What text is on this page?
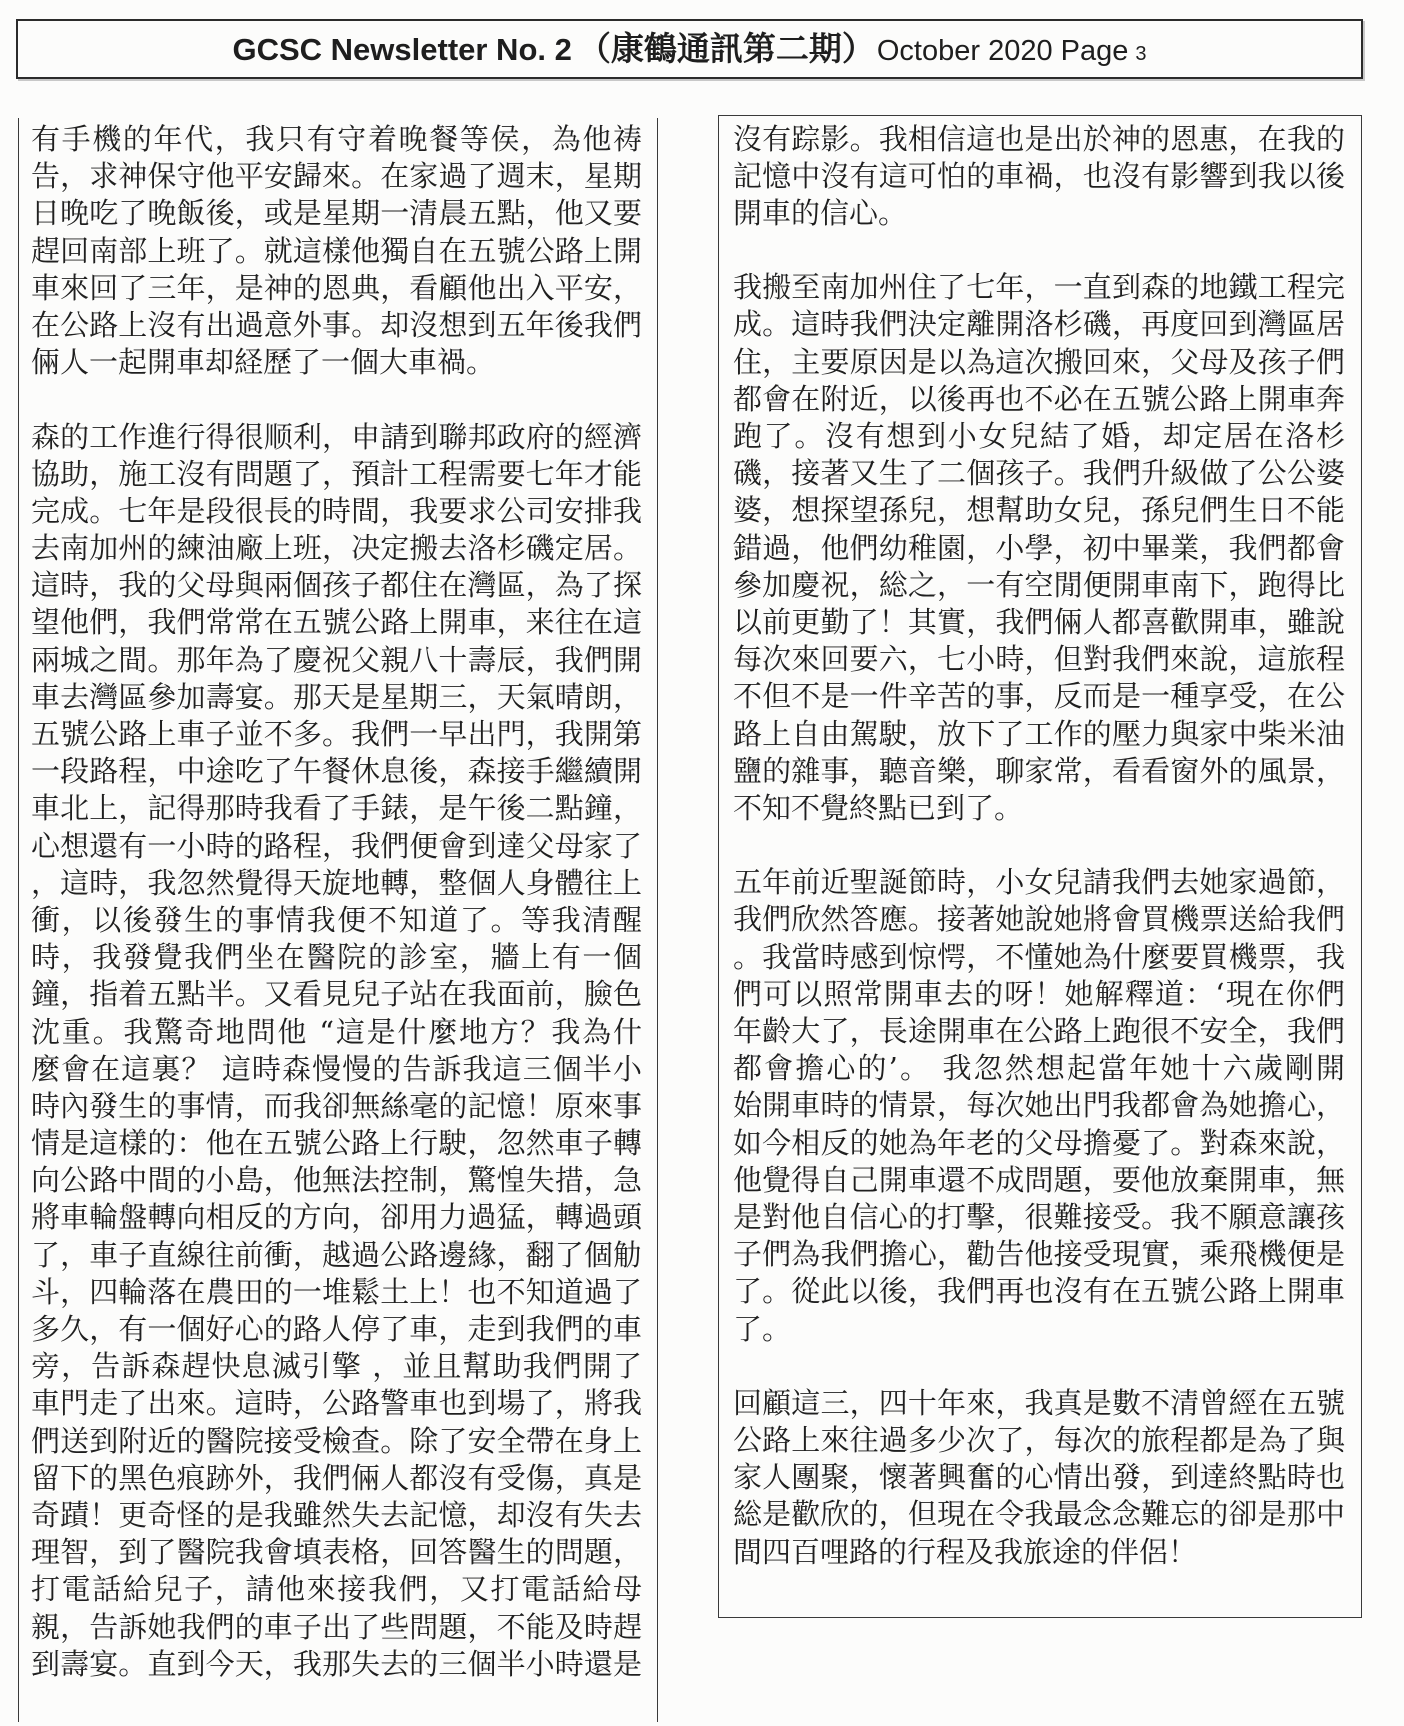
GCSC Newsletter No. 2 （康鶴通訊第二期） October 2020 Page 3
有手機的年代，我只有守着晚餐等侯，為他祷
告，求神保守他平安歸來。在家過了週末，星期
日晚吃了晚飯後，或是星期一清晨五點，他又要
趕回南部上班了。就這樣他獨自在五號公路上開
車來回了三年，是神的恩典，看顧他出入平安，
在公路上沒有出過意外事。却沒想到五年後我們
倆人一起開車却経歷了一個大車禍。
森的工作進行得很顺利，申請到聯邦政府的經濟
協助，施工沒有問題了，預計工程需要七年才能
完成。七年是段很長的時間，我要求公司安排我
去南加州的練油廠上班，决定搬去洛杉磯定居。
這時，我的父母與兩個孩子都住在灣區，為了探
望他們，我們常常在五號公路上開車，来往在這
兩城之間。那年為了慶祝父親八十壽辰，我們開
車去灣區參加壽宴。那天是星期三，天氣晴朗，
五號公路上車子並不多。我們一早出門，我開第
一段路程，中途吃了午餐休息後，森接手繼續開
車北上，記得那時我看了手錶，是午後二點鐘，
心想還有一小時的路程，我們便會到達父母家了
，這時，我忽然覺得天旋地轉，整個人身體往上
衝，以後發生的事情我便不知道了。等我清醒
時，我發覺我們坐在醫院的診室，牆上有一個
鐘，指着五點半。又看見兒子站在我面前，臉色
沈重。我驚奇地問他 “這是什麼地方？我為什
麼會在這裏？ 這時森慢慢的告訴我這三個半小
時內發生的事情，而我卻無絲毫的記憶！原來事
情是這樣的：他在五號公路上行駛，忽然車子轉
向公路中間的小島，他無法控制，驚惶失措，急
將車輪盤轉向相反的方向，卻用力過猛，轉過頭
了，車子直線往前衝，越過公路邊緣，翻了個觔
斗，四輪落在農田的一堆鬆土上！也不知道過了
多久，有一個好心的路人停了車，走到我們的車
旁，告訴森趕快息滅引擎 ，並且幫助我們開了
車門走了出來。這時，公路警車也到場了，將我
們送到附近的醫院接受檢查。除了安全帶在身上
留下的黑色痕跡外，我們倆人都沒有受傷，真是
奇蹟！更奇怪的是我雖然失去記憶，却沒有失去
理智，到了醫院我會填表格，回答醫生的問題，
打電話給兒子，請他來接我們，又打電話給母
親，告訴她我們的車子出了些問題，不能及時趕
到壽宴。直到今天，我那失去的三個半小時還是
沒有踪影。我相信這也是出於神的恩惠，在我的
記憶中沒有這可怕的車禍，也沒有影響到我以後
開車的信心。
我搬至南加州住了七年，一直到森的地鐵工程完
成。這時我們決定離開洛杉磯，再度回到灣區居
住，主要原因是以為這次搬回來，父母及孩子們
都會在附近，以後再也不必在五號公路上開車奔
跑了。沒有想到小女兒結了婚，却定居在洛杉
磯，接著又生了二個孩子。我們升級做了公公婆
婆，想探望孫兒，想幫助女兒，孫兒們生日不能
錯過，他們幼稚園，小學，初中畢業，我們都會
參加慶祝，総之，一有空閒便開車南下，跑得比
以前更勤了！其實，我們倆人都喜歡開車，雖說
每次來回要六，七小時，但對我們來說，這旅程
不但不是一件辛苦的事，反而是一種享受，在公
路上自由駕駛，放下了工作的壓力與家中柴米油
鹽的雜事，聽音樂，聊家常，看看窗外的風景，
不知不覺終點已到了。
五年前近聖誕節時，小女兒請我們去她家過節，
我們欣然答應。接著她說她將會買機票送給我們
。我當時感到惊愕，不懂她為什麼要買機票，我
們可以照常開車去的呀！她解釋道：‘現在你們
年齡大了，長途開車在公路上跑很不安全，我們
都會擔心的’。 我忽然想起當年她十六歲剛開
始開車時的情景，每次她出門我都會為她擔心，
如今相反的她為年老的父母擔憂了。對森來說，
他覺得自己開車還不成問題，要他放棄開車，無
是對他自信心的打擊，很難接受。我不願意讓孩
子們為我們擔心，勸告他接受現實，乘飛機便是
了。從此以後，我們再也沒有在五號公路上開車
了。
回顧這三，四十年來，我真是數不清曾經在五號
公路上來往過多少次了，每次的旅程都是為了與
家人團聚，懷著興奮的心情出發，到達終點時也
総是歡欣的，但現在令我最念念難忘的卻是那中
間四百哩路的行程及我旅途的伴侶！
